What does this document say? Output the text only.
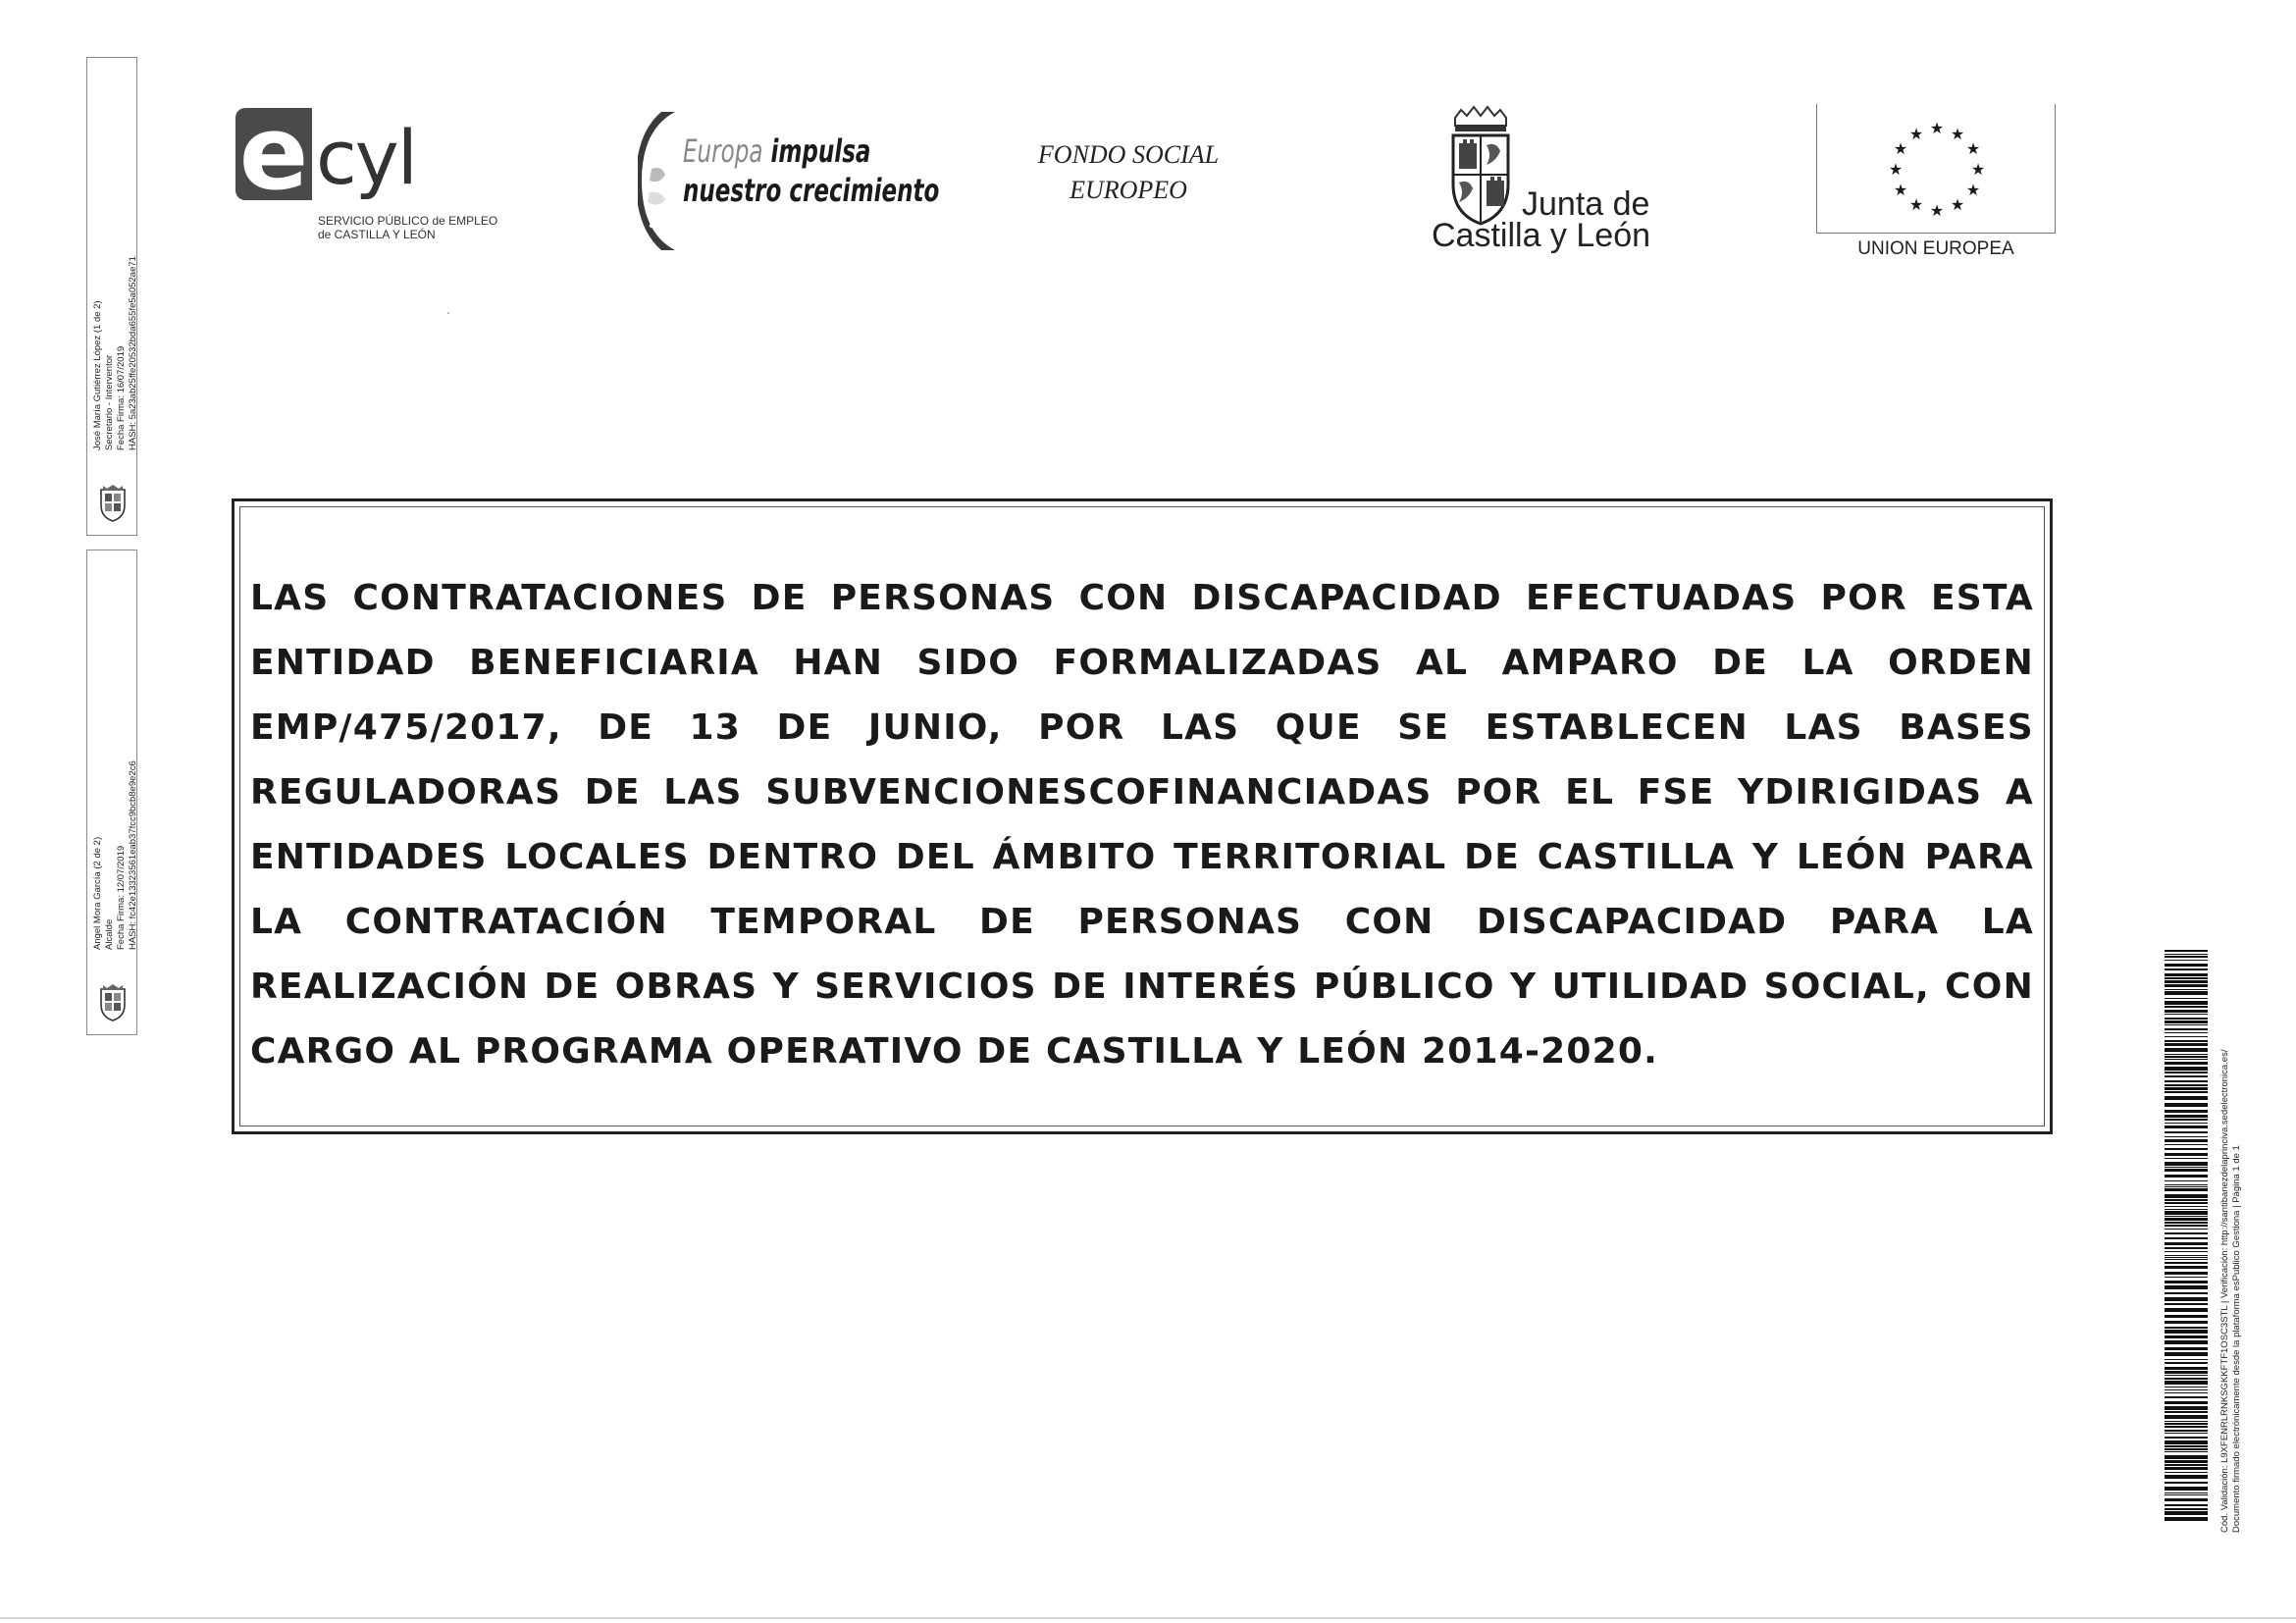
José María Gutiérrez López (1 de 2) Secretario - Interventor Fecha Firma: 16/07/2019 HASH: 5a23ab25ffe20532bda655fe5a052ae71
Angel Mora García (2 de 2) Alcalde Fecha Firma: 12/07/2019 HASH: fc42e13323561eab37fcc9bcb8e9e2c6
e cyl
SERVICIO PÚBLICO de EMPLEO
de CASTILLA Y LEÓN
Europa impulsa
nuestro crecimiento
FONDO SOCIAL
EUROPEO	Junta de
Castilla y León
★ ★
★
★
★
★
★
★
★
★
★
★
UNION EUROPEA
LAS CONTRATACIONES DE PERSONAS CON DISCAPACIDAD EFECTUADAS POR ESTA
ENTIDAD BENEFICIARIA HAN SIDO FORMALIZADAS AL AMPARO DE LA ORDEN
EMP/475/2017, DE 13 DE JUNIO, POR LAS QUE SE ESTABLECEN LAS BASES
REGULADORAS DE LAS SUBVENCIONESCOFINANCIADAS POR EL FSE YDIRIGIDAS A
ENTIDADES LOCALES DENTRO DEL ÁMBITO TERRITORIAL DE CASTILLA Y LEÓN PARA
LA CONTRATACIÓN TEMPORAL DE PERSONAS CON DISCAPACIDAD PARA LA
REALIZACIÓN DE OBRAS Y SERVICIOS DE INTERÉS PÚBLICO Y UTILIDAD SOCIAL, CON
CARGO AL PROGRAMA OPERATIVO DE CASTILLA Y LEÓN 2014-2020.	Cód. Validación: L9XFENRLRNKSGKKFTF1OSC3STL | Verificación: http://santibanezdelaprinciva.sedelectronica.es/ Documento firmado electrónicamente desde la plataforma esPublico Gestiona | Página 1 de 1
